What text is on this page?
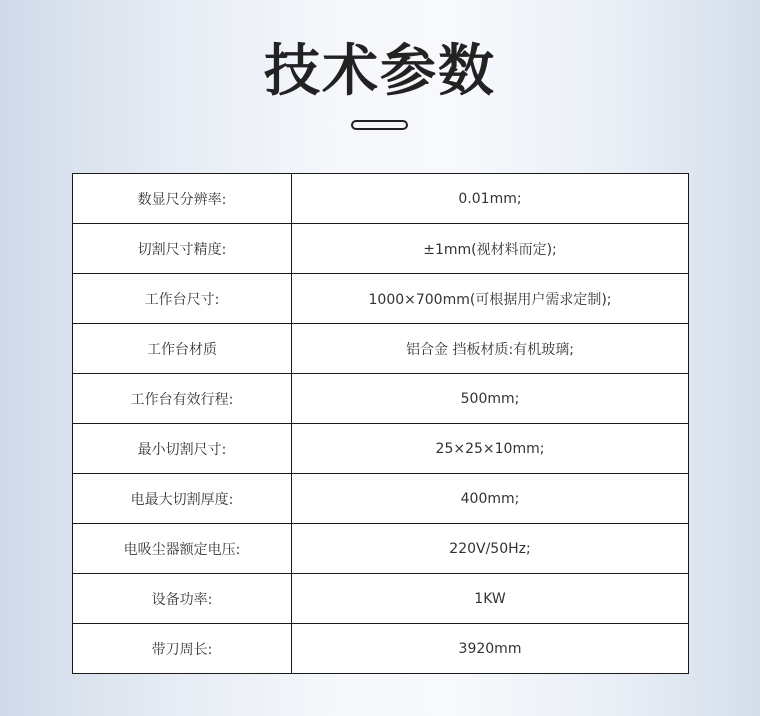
技术参数
数显尺分辨率:	0.01mm;
切割尺寸精度:	±1mm(视材料而定);
工作台尺寸:	1000×700mm(可根据用户需求定制);
工作台材质	铝合金 挡板材质:有机玻璃;
工作台有效行程:	500mm;
最小切割尺寸:	25×25×10mm;
电最大切割厚度:	400mm;
电吸尘器额定电压:	220V/50Hz;
设备功率:	1KW
带刀周长:	3920mm
